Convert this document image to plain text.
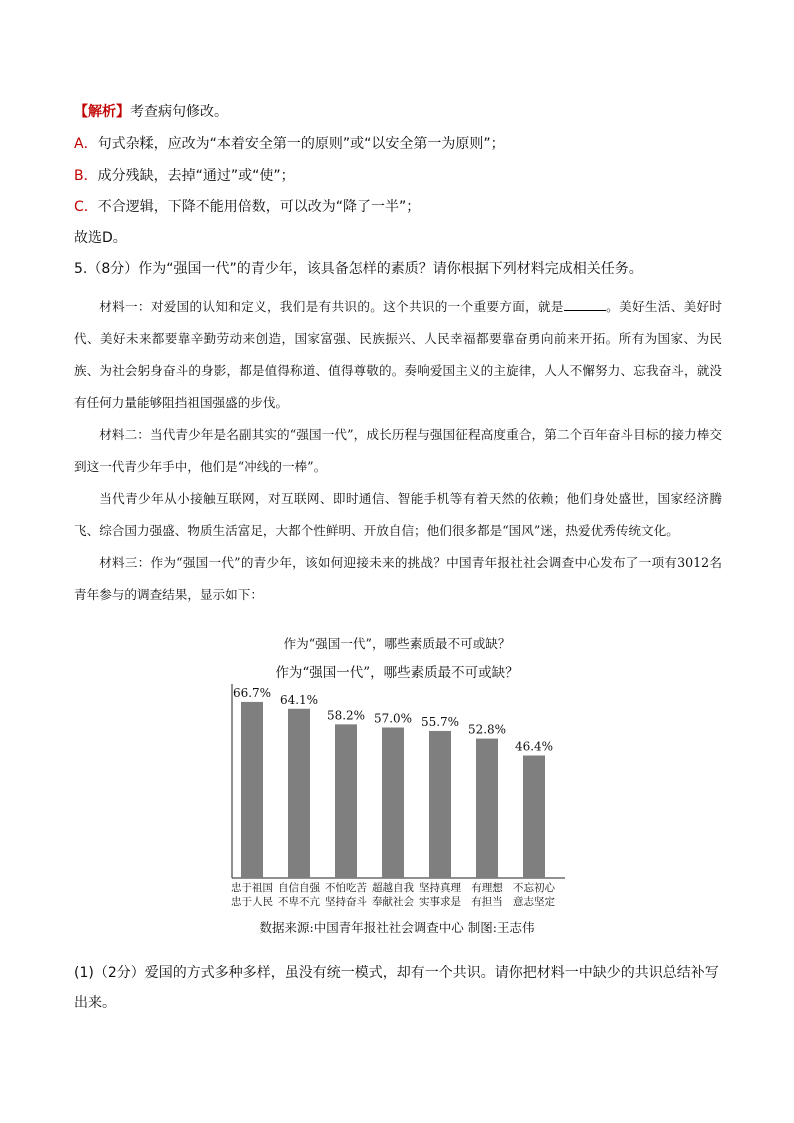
【解析】考查病句修改。
A．句式杂糅，应改为“本着安全第一的原则”或“以安全第一为原则”；
B．成分残缺，去掉“通过”或“使”；
C．不合逻辑，下降不能用倍数，可以改为“降了一半”；
故选D。
5.（8分）作为“强国一代”的青少年，该具备怎样的素质？请你根据下列材料完成相关任务。

材料一：对爱国的认知和定义，我们是有共识的。这个共识的一个重要方面，就是	。美好生活、美好时代、美好未来都要靠辛勤劳动来创造，国家富强、民族振兴、人民幸福都要靠奋勇向前来开拓。所有为国家、为民族、为社会躬身奋斗的身影，都是值得称道、值得尊敬的。奏响爱国主义的主旋律，人人不懈努力、忘我奋斗，就没有任何力量能够阻挡祖国强盛的步伐。

材料二：当代青少年是名副其实的“强国一代”，成长历程与强国征程高度重合，第二个百年奋斗目标的接力棒交到这一代青少年手中，他们是“冲线的一棒”。

当代青少年从小接触互联网，对互联网、即时通信、智能手机等有着天然的依赖；他们身处盛世，国家经济腾飞、综合国力强盛、物质生活富足，大都个性鲜明、开放自信；他们很多都是“国风”迷，热爱优秀传统文化。

材料三：作为“强国一代”的青少年，该如何迎接未来的挑战？中国青年报社社会调查中心发布了一项有3012名青年参与的调查结果，显示如下：

作为“强国一代”，哪些素质最不可或缺？
作为“强国一代”，哪些素质最不可或缺？
66.7%
忠于祖国
忠于人民
64.1%
自信自强
不卑不亢
58.2%
不怕吃苦
坚持奋斗
57.0%
超越自我
奉献社会
55.7%
坚持真理
实事求是
52.8%
有理想
有担当
46.4%
不忘初心
意志坚定
数据来源:中国青年报社社会调查中心 制图:王志伟
(1)（2分）爱国的方式多种多样，虽没有统一模式，却有一个共识。请你把材料一中缺少的共识总结补写出来。
